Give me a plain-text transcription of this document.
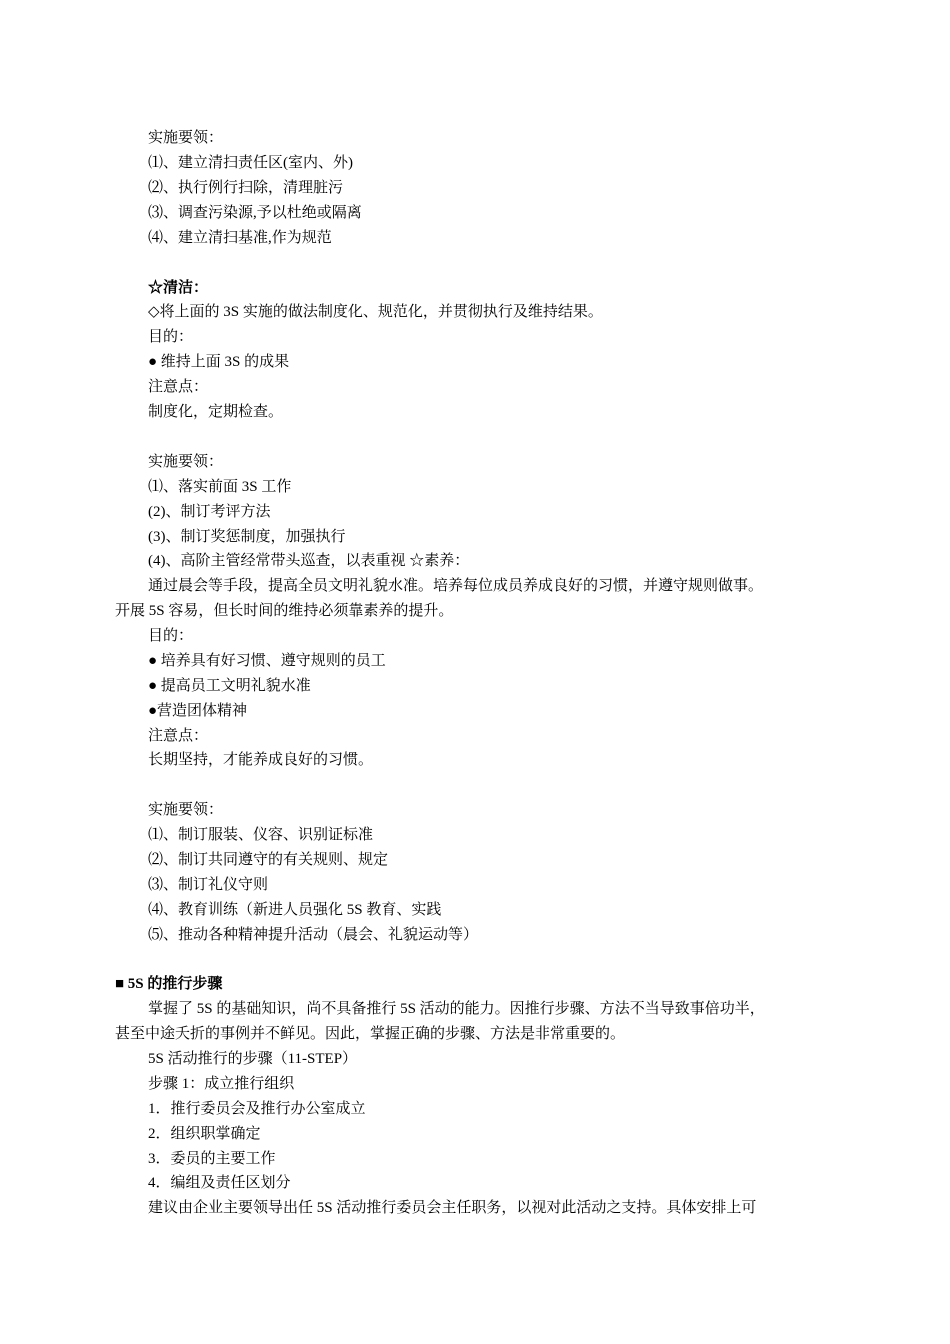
实施要领：
⑴、建立清扫责任区(室内、外)
⑵、执行例行扫除，清理脏污
⑶、调查污染源,予以杜绝或隔离
⑷、建立清扫基准,作为规范
☆清洁：
◇将上面的 3S 实施的做法制度化、规范化，并贯彻执行及维持结果。
目的：
● 维持上面 3S 的成果
注意点：
制度化，定期检查。
实施要领：
⑴、落实前面 3S 工作
(2)、制订考评方法
(3)、制订奖惩制度，加强执行
(4)、高阶主管经常带头巡查，以表重视 ☆素养：
通过晨会等手段，提高全员文明礼貌水准。培养每位成员养成良好的习惯，并遵守规则做事。
开展 5S 容易，但长时间的维持必须靠素养的提升。
目的：
● 培养具有好习惯、遵守规则的员工
● 提高员工文明礼貌水准
●营造团体精神
注意点：
长期坚持，才能养成良好的习惯。
实施要领：
⑴、制订服装、仪容、识别证标准
⑵、制订共同遵守的有关规则、规定
⑶、制订礼仪守则
⑷、教育训练（新进人员强化 5S 教育、实践
⑸、推动各种精神提升活动（晨会、礼貌运动等）
■ 5S 的推行步骤
掌握了 5S 的基础知识，尚不具备推行 5S 活动的能力。因推行步骤、方法不当导致事倍功半，
甚至中途夭折的事例并不鲜见。因此，掌握正确的步骤、方法是非常重要的。
5S 活动推行的步骤（11-STEP）
步骤 1：成立推行组织
1．推行委员会及推行办公室成立
2．组织职掌确定
3．委员的主要工作
4．编组及责任区划分
建议由企业主要领导出任 5S 活动推行委员会主任职务，以视对此活动之支持。具体安排上可
